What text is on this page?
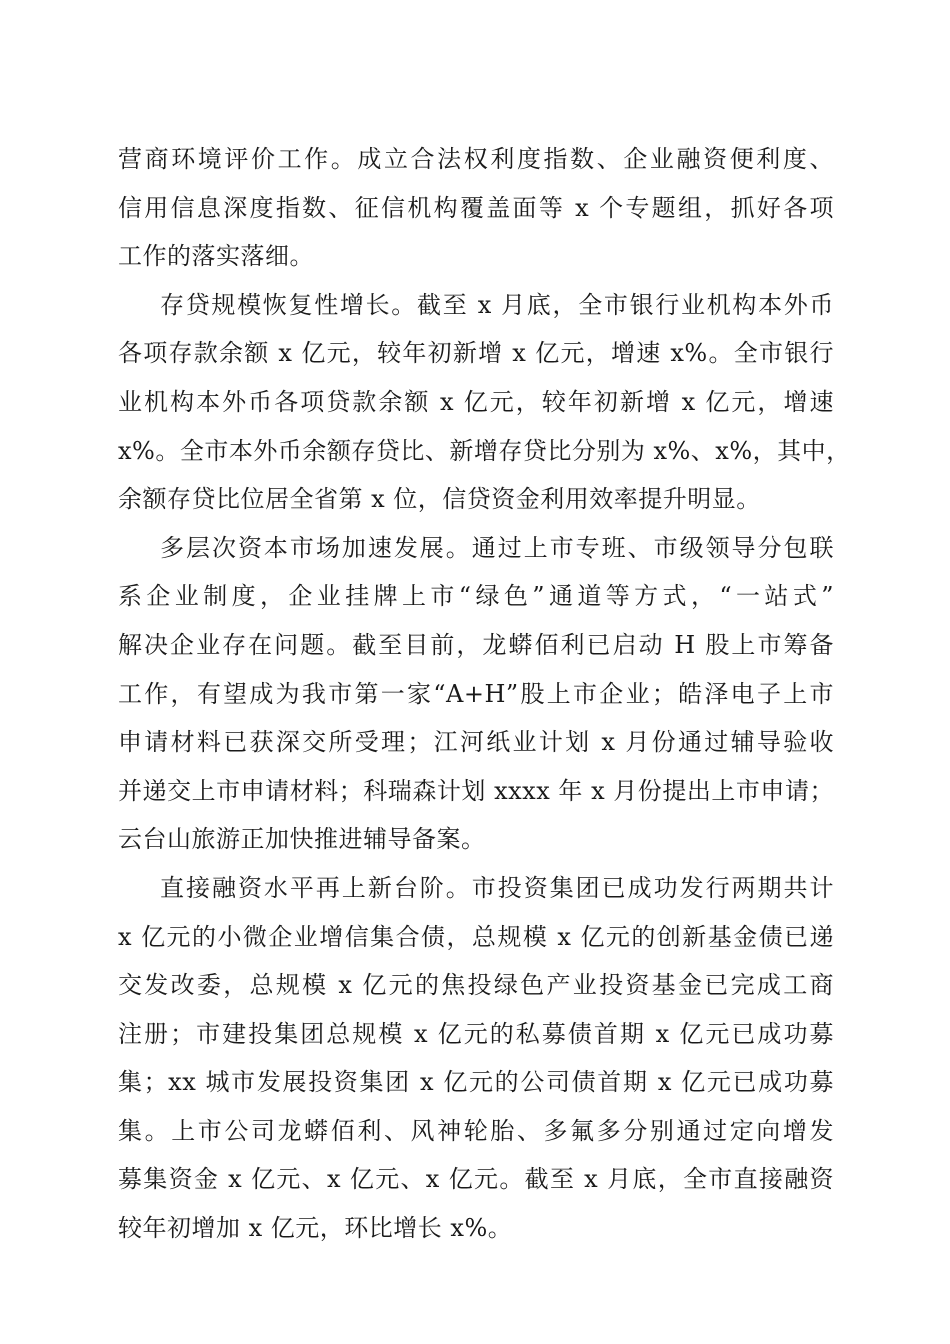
营商环境评价工作。成立合法权利度指数、企业融资便利度、
信用信息深度指数、征信机构覆盖面等 x 个专题组，抓好各项
工作的落实落细。
存贷规模恢复性增长。截至 x 月底，全市银行业机构本外币
各项存款余额 x 亿元，较年初新增 x 亿元，增速 x%。全市银行
业机构本外币各项贷款余额 x 亿元，较年初新增 x 亿元，增速
x%。全市本外币余额存贷比、新增存贷比分别为 x%、x%，其中，
余额存贷比位居全省第 x 位，信贷资金利用效率提升明显。
多层次资本市场加速发展。通过上市专班、市级领导分包联
系企业制度，企业挂牌上市“绿色”通道等方式，“一站式”
解决企业存在问题。截至目前，龙蟒佰利已启动 H 股上市筹备
工作，有望成为我市第一家“A+H”股上市企业；皓泽电子上市
申请材料已获深交所受理；江河纸业计划 x 月份通过辅导验收
并递交上市申请材料；科瑞森计划 xxxx 年 x 月份提出上市申请；
云台山旅游正加快推进辅导备案。
直接融资水平再上新台阶。市投资集团已成功发行两期共计
x 亿元的小微企业增信集合债，总规模 x 亿元的创新基金债已递
交发改委，总规模 x 亿元的焦投绿色产业投资基金已完成工商
注册；市建投集团总规模 x 亿元的私募债首期 x 亿元已成功募
集；xx 城市发展投资集团 x 亿元的公司债首期 x 亿元已成功募
集。上市公司龙蟒佰利、风神轮胎、多氟多分别通过定向增发
募集资金 x 亿元、x 亿元、x 亿元。截至 x 月底，全市直接融资
较年初增加 x 亿元，环比增长 x%。
